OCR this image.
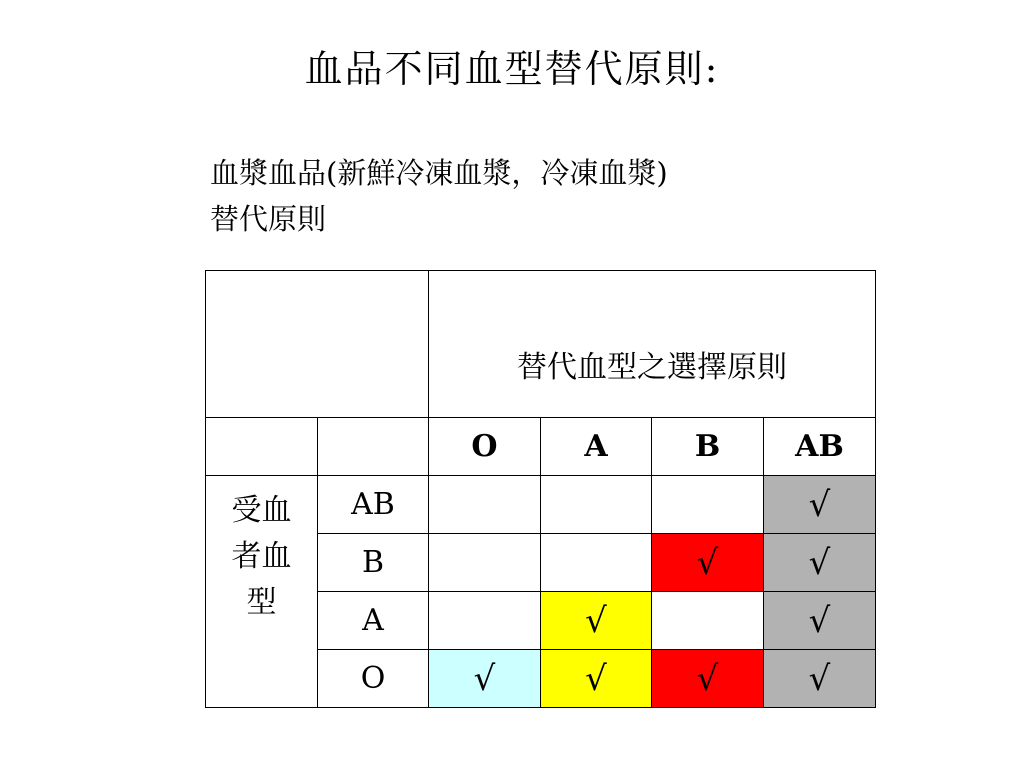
血品不同血型替代原則:
血漿血品(新鮮冷凍血漿，冷凍血漿)
替代原則
		替代血型之選擇原則			
		O	A	B	AB

受血
者血
型	AB				√
	B			√	√
	A		√		√
	O	√	√	√	√
